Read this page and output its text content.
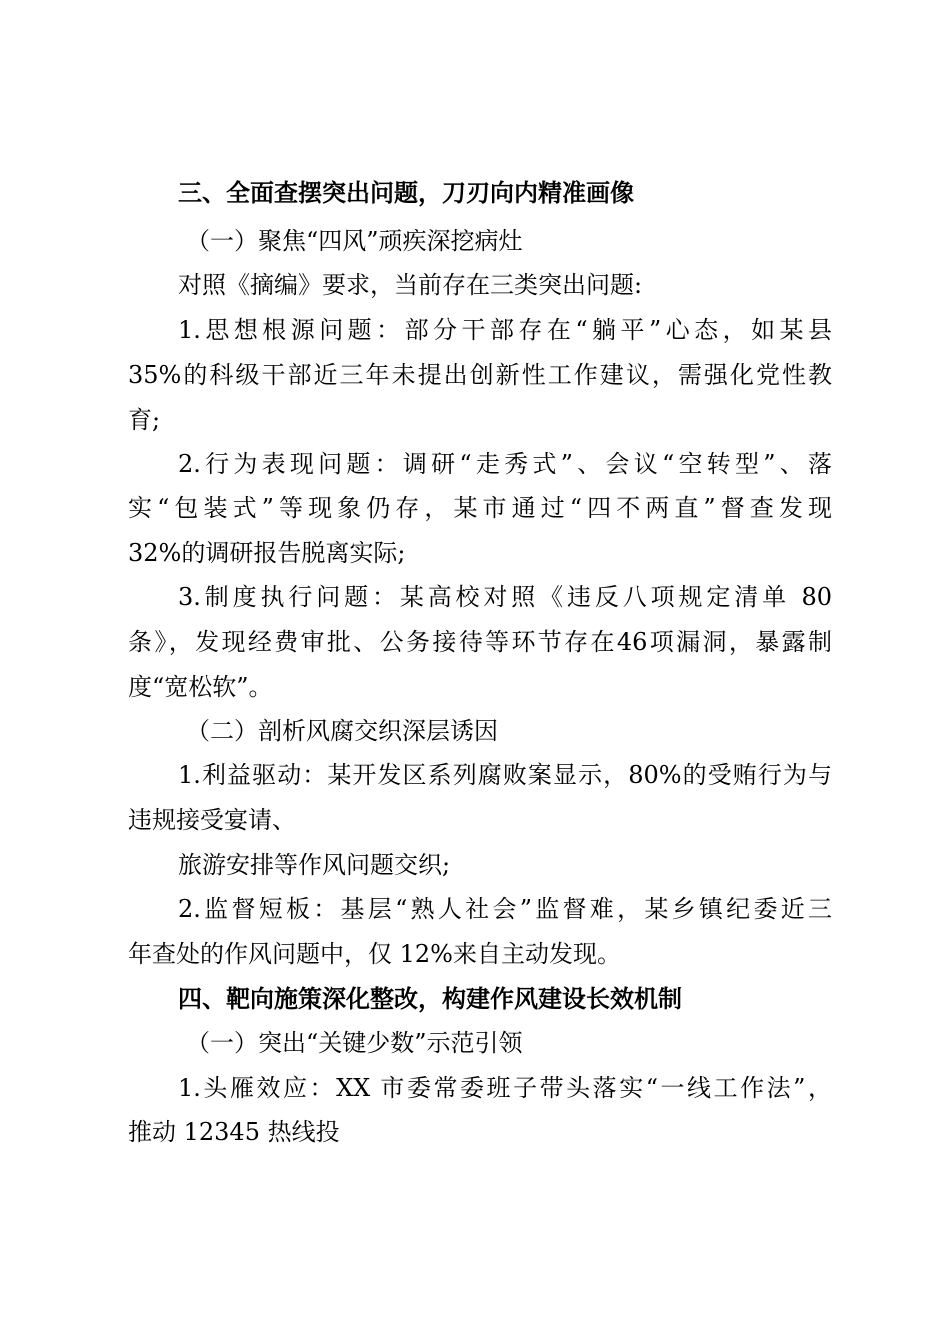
三、全面查摆突出问题，刀刃向内精准画像
（一）聚焦“四风”顽疾深挖病灶
对照《摘编》要求，当前存在三类突出问题:
1.思想根源问题：部分干部存在“躺平”心态，如某县
35%的科级干部近三年未提出创新性工作建议，需强化党性教
育;
2.行为表现问题：调研“走秀式”、会议“空转型”、落
实“包装式”等现象仍存，某市通过“四不两直”督查发现
32%的调研报告脱离实际;
3.制度执行问题：某高校对照《违反八项规定清单 80
条》，发现经费审批、公务接待等环节存在46项漏洞，暴露制
度“宽松软”。
（二）剖析风腐交织深层诱因
1.利益驱动：某开发区系列腐败案显示，80%的受贿行为与
违规接受宴请、
旅游安排等作风问题交织;
2.监督短板：基层“熟人社会”监督难，某乡镇纪委近三
年查处的作风问题中，仅 12%来自主动发现。
四、靶向施策深化整改，构建作风建设长效机制
（一）突出“关键少数”示范引领
1.头雁效应：XX 市委常委班子带头落实“一线工作法”，
推动 12345 热线投
